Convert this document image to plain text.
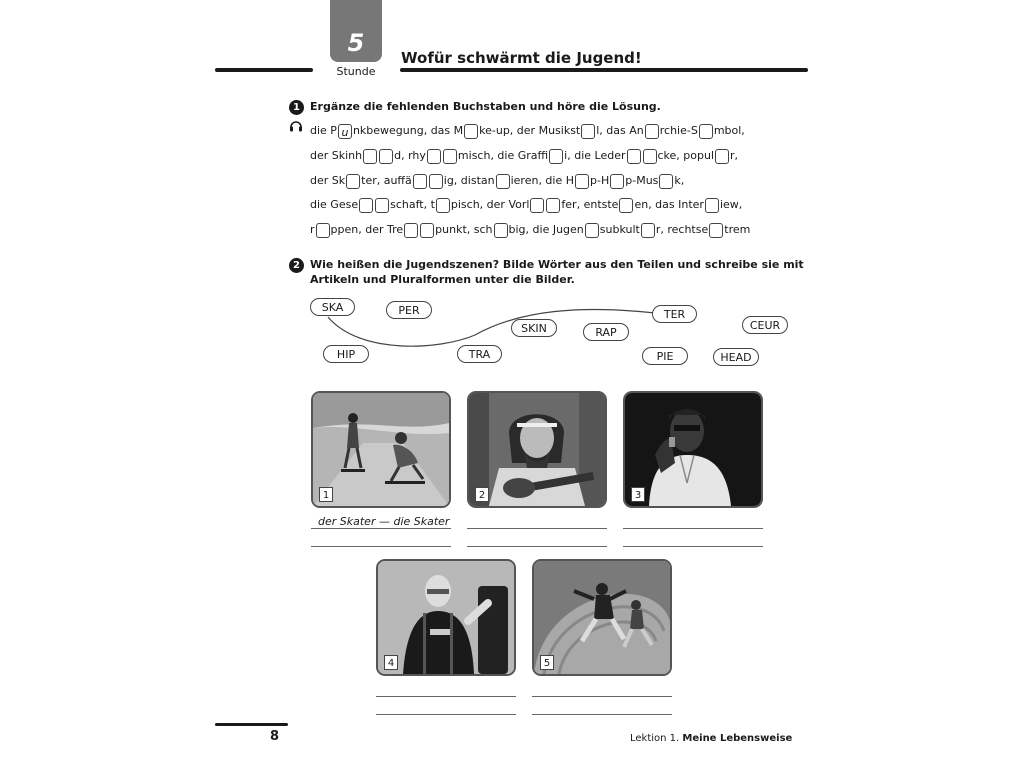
5
Stunde
Wofür schwärmt die Jugend!
1 Ergänze die fehlenden Buchstaben und höre die Lösung.
die P u nkbewegung, das M ke-up, der Musikst l, das An rchie-S mbol,
der Skinh	d, rhy	misch, die Graffi i, die Leder	cke, popul r,
der Sk ter, auffä	ig, distan ieren, die H p-H p-Mus k,
die Gese	schaft, t pisch, der Vorl	fer, entste en, das Inter iew,
r ppen, der Tre	punkt, sch big, die Jugen subkult r, rechtse trem
2 Wie heißen die Jugendszenen? Bilde Wörter aus den Teilen und schreibe sie mit
Artikeln und Pluralformen unter die Bilder.
SKA	PER
SKIN	RAP
TER
CEUR
HIP	TRA	PIE	HEAD
1	2	3
der Skater — die Skater
4	5
8	Lektion 1. Meine Lebensweise
